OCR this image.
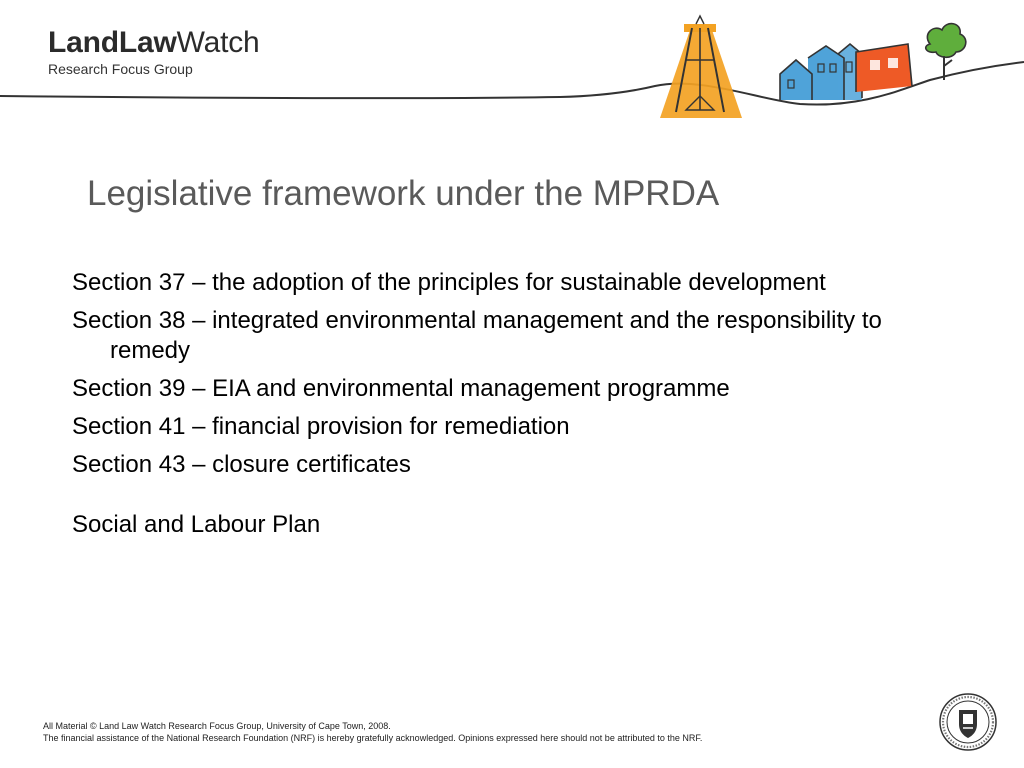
LandLawWatch
Research Focus Group
Legislative framework under the MPRDA
Section 37 – the adoption of the principles for sustainable development
Section 38 – integrated environmental management and the responsibility to remedy
Section 39 – EIA and environmental management programme
Section 41 – financial provision for remediation
Section 43 – closure certificates
Social and Labour Plan
All Material © Land Law Watch Research Focus Group, University of Cape Town, 2008.
The financial assistance of the National Research Foundation (NRF) is hereby gratefully acknowledged. Opinions expressed here should not be attributed to the NRF.
